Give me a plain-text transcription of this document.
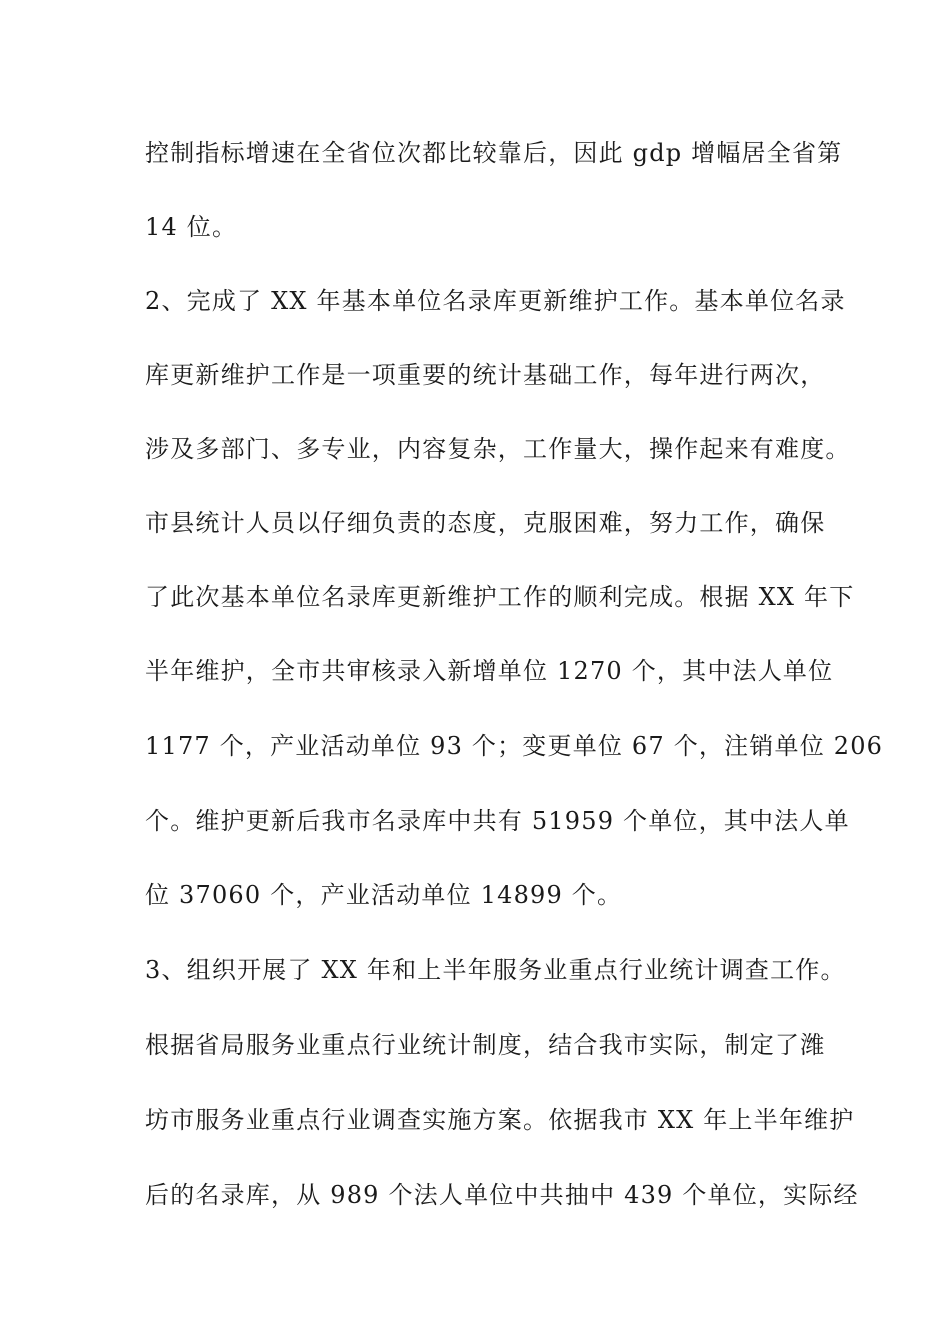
控制指标增速在全省位次都比较靠后，因此 gdp 增幅居全省第
14 位。
2、完成了 XX 年基本单位名录库更新维护工作。基本单位名录
库更新维护工作是一项重要的统计基础工作，每年进行两次，
涉及多部门、多专业，内容复杂，工作量大，操作起来有难度。
市县统计人员以仔细负责的态度，克服困难，努力工作，确保
了此次基本单位名录库更新维护工作的顺利完成。根据 XX 年下
半年维护，全市共审核录入新增单位 1270 个，其中法人单位
1177 个，产业活动单位 93 个；变更单位 67 个，注销单位 206
个。维护更新后我市名录库中共有 51959 个单位，其中法人单
位 37060 个，产业活动单位 14899 个。
3、组织开展了 XX 年和上半年服务业重点行业统计调查工作。
根据省局服务业重点行业统计制度，结合我市实际，制定了潍
坊市服务业重点行业调查实施方案。依据我市 XX 年上半年维护
后的名录库，从 989 个法人单位中共抽中 439 个单位，实际经
